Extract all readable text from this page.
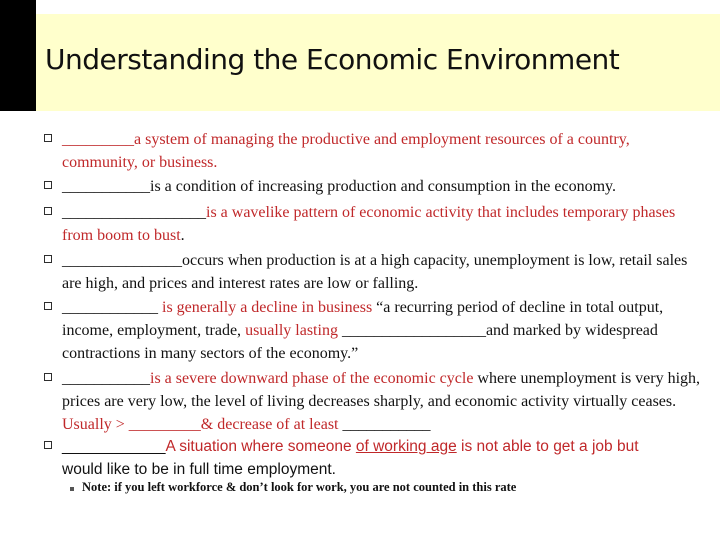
Understanding the Economic Environment
_________a system of managing the productive and employment resources of a country, community, or business.
___________is a condition of increasing production and consumption in the economy.
__________________is a wavelike pattern of economic activity that includes temporary phases from boom to bust.
_______________occurs when production is at a high capacity, unemployment is low, retail sales are high, and prices and interest rates are low or falling.
____________ is generally a decline in business “a recurring period of decline in total output, income, employment, trade, usually lasting __________________and marked by widespread contractions in many sectors of the economy.”
___________is a severe downward phase of the economic cycle where unemployment is very high, prices are very low, the level of living decreases sharply, and economic activity virtually ceases. Usually > _________& decrease of at least ___________
____________A situation where someone of working age is not able to get a job but
would like to be in full time employment.
Note: if you left workforce & don’t look for work, you are not counted in this rate
